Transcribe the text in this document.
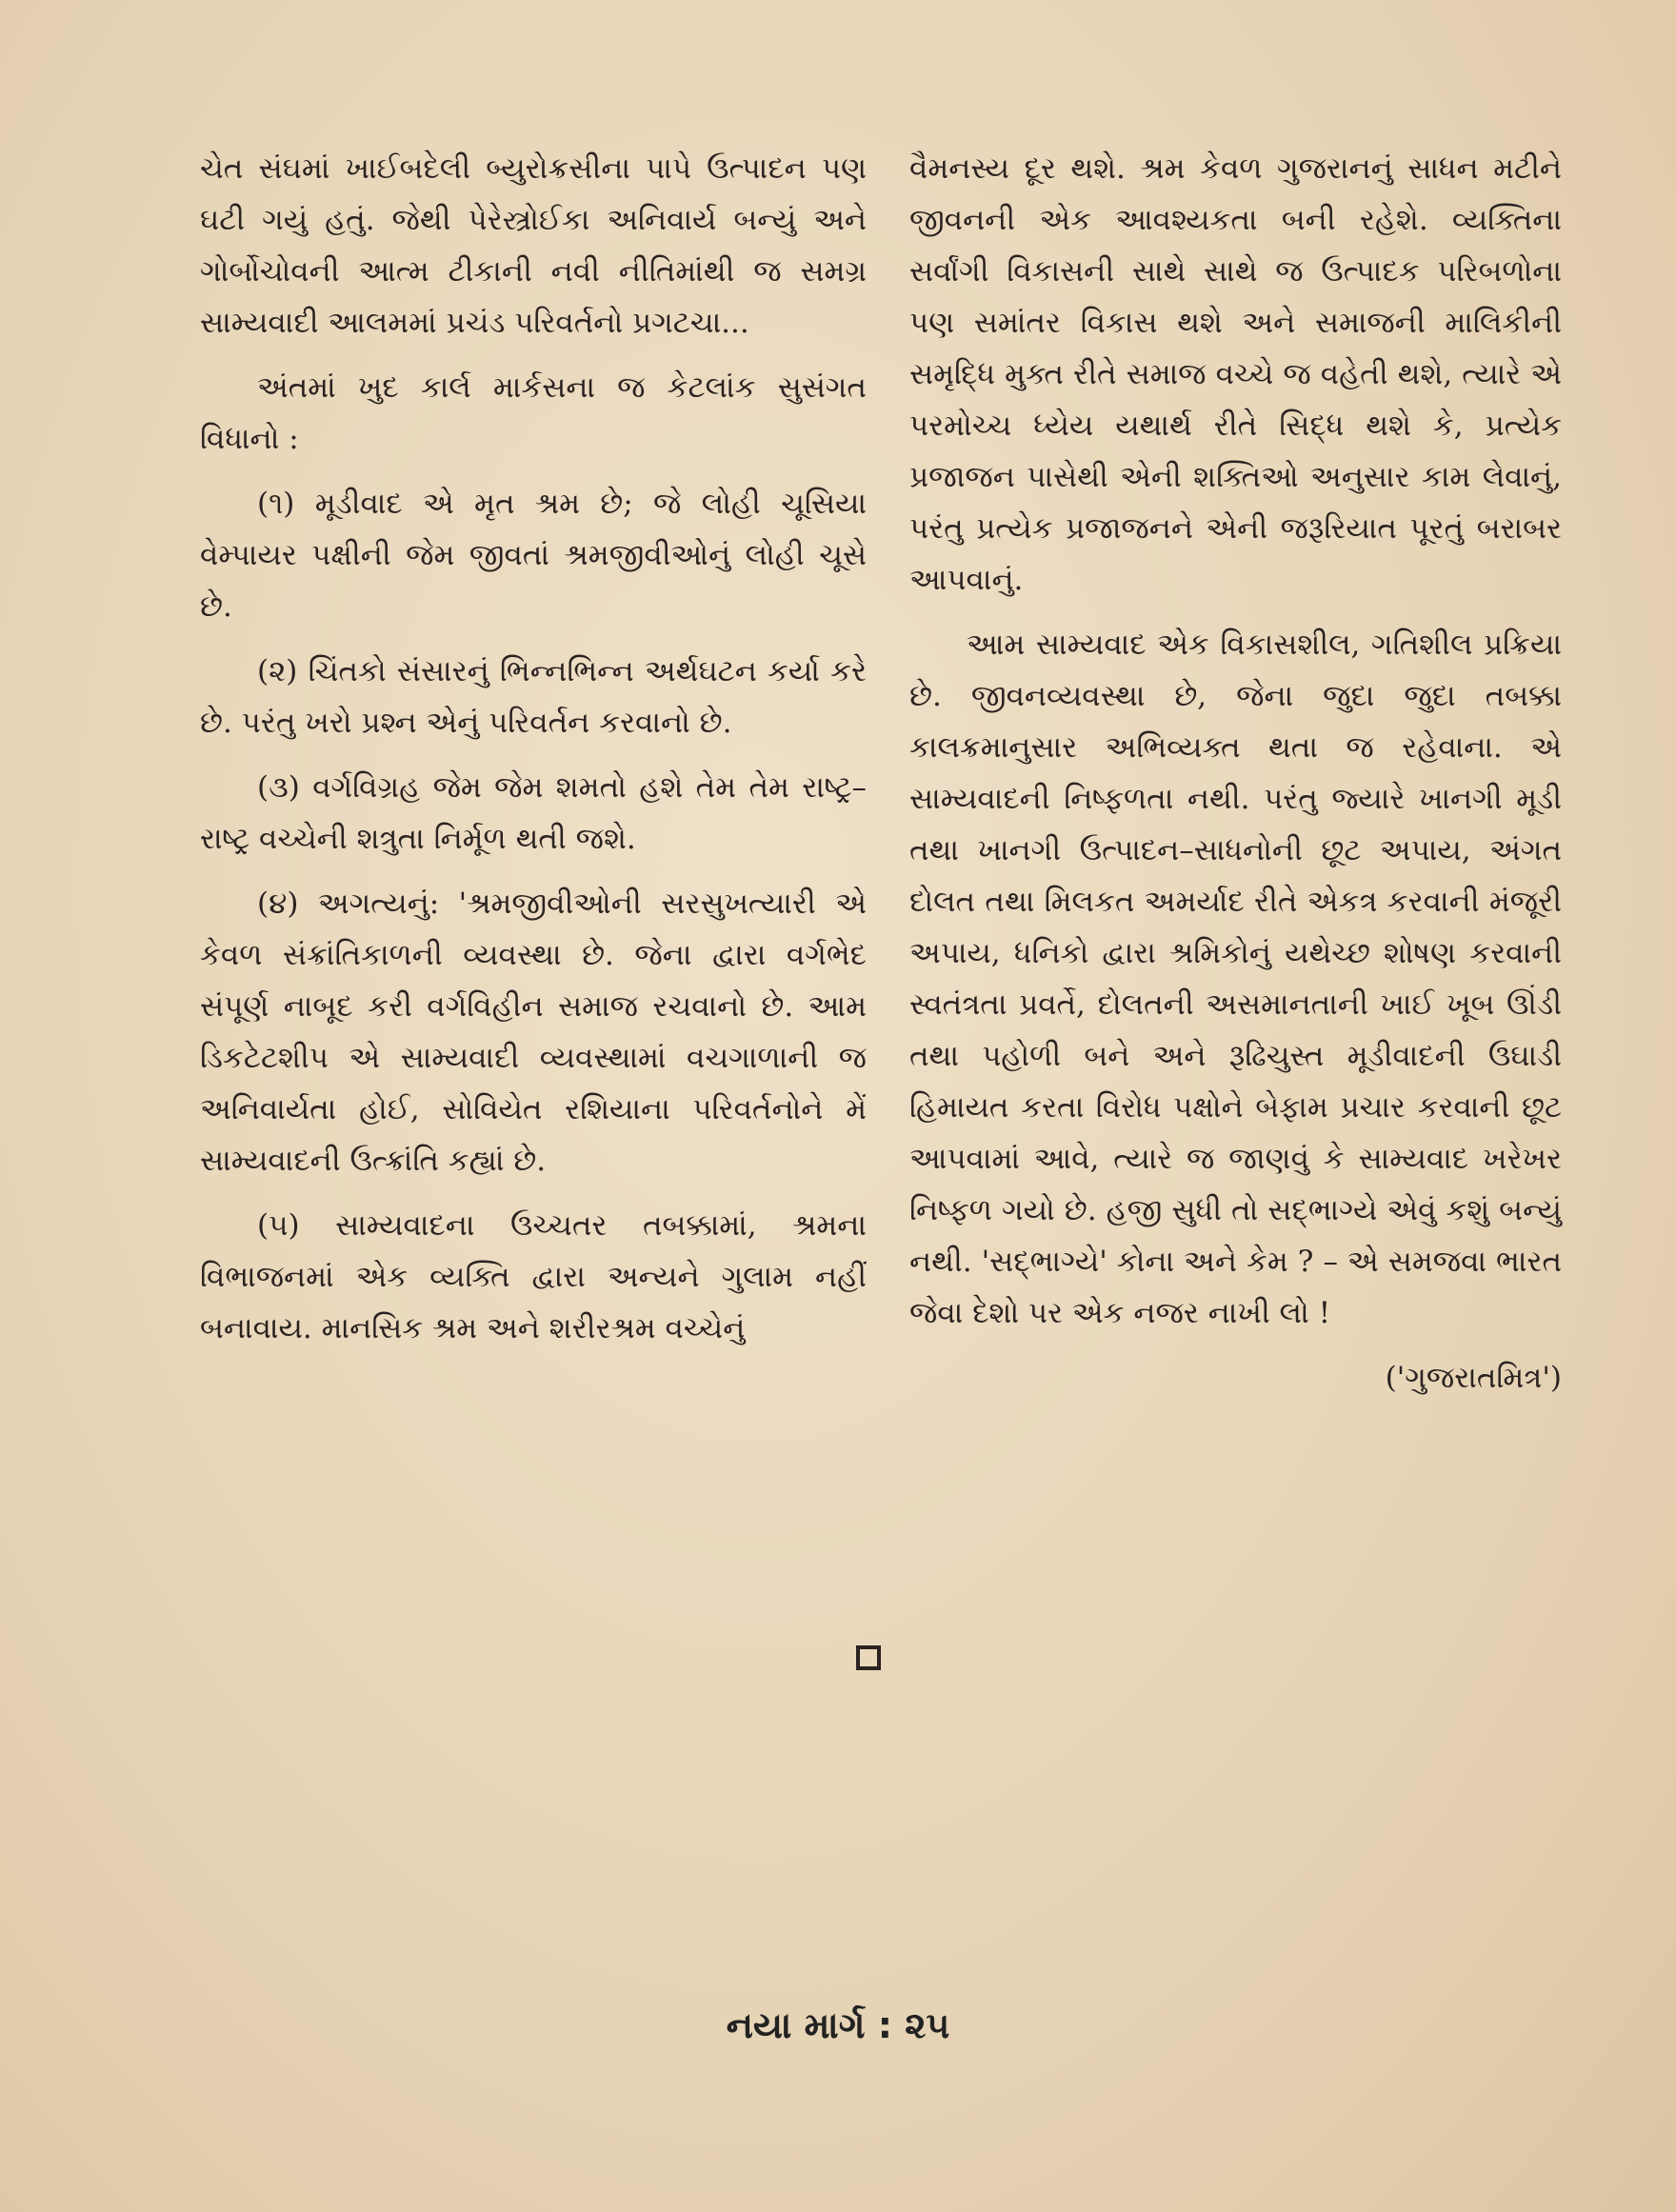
ચેત સંઘમાં ખાઈબદેલી બ્યુરોક્રસીના પાપે ઉત્પાદન પણ ઘટી ગયું હતું. જેથી પેરેસ્ત્રોઈકા અનિવાર્ય બન્યું અને ગોર્બોચોવની આત્મ ટીકાની નવી નીતિમાંથી જ સમગ્ર સામ્યવાદી આલમમાં પ્રચંડ પરિવર્તનો પ્રગટચા...

અંતમાં ખુદ કાર્લ માર્કસના જ કેટલાંક સુસંગત વિધાનો :

(૧) મૂડીવાદ એ મૃત શ્રમ છે; જે લોહી ચૂસિયા વેમ્પાયર પક્ષીની જેમ જીવતાં શ્રમજીવીઓનું લોહી ચૂસે છે.

(૨) ચિંતકો સંસારનું ભિન્નભિન્ન અર્થઘટન કર્યા કરે છે. પરંતુ ખરો પ્રશ્ન એનું પરિવર્તન કરવાનો છે.

(૩) વર્ગવિગ્રહ જેમ જેમ શમતો હશે તેમ તેમ રાષ્ટ્ર–રાષ્ટ્ર વચ્ચેની શત્રુતા નિર્મૂળ થતી જશે.

(૪) અગત્યનું: 'શ્રમજીવીઓની સરસુખત્યારી એ કેવળ સંક્રાંતિકાળની વ્યવસ્થા છે. જેના દ્વારા વર્ગભેદ સંપૂર્ણ નાબૂદ કરી વર્ગવિહીન સમાજ રચવાનો છે. આમ ડિકટેટશીપ એ સામ્યવાદી વ્યવસ્થામાં વચગાળાની જ અનિવાર્યતા હોઈ, સોવિયેત રશિયાના પરિવર્તનોને મેં સામ્યવાદની ઉત્ક્રાંતિ કહ્યાં છે.

(૫) સામ્યવાદના ઉચ્ચતર તબક્કામાં, શ્રમના વિભાજનમાં એક વ્યક્તિ દ્વારા અન્યને ગુલામ નહીં બનાવાય. માનસિક શ્રમ અને શરીરશ્રમ વચ્ચેનું

વૈમનસ્ય દૂર થશે. શ્રમ કેવળ ગુજરાનનું સાધન મટીને જીવનની એક આવશ્યકતા બની રહેશે. વ્યક્તિના સર્વાંગી વિકાસની સાથે સાથે જ ઉત્પાદક પરિબળોના પણ સમાંતર વિકાસ થશે અને સમાજની માલિકીની સમૃદ્ધિ મુક્ત રીતે સમાજ વચ્ચે જ વહેતી થશે, ત્યારે એ પરમોચ્ચ ધ્યેય યથાર્થ રીતે સિદ્ધ થશે કે, પ્રત્યેક પ્રજાજન પાસેથી એની શક્તિઓ અનુસાર કામ લેવાનું, પરંતુ પ્રત્યેક પ્રજાજનને એની જરૂરિયાત પૂરતું બરાબર આપવાનું.

આમ સામ્યવાદ એક વિકાસશીલ, ગતિશીલ પ્રક્રિયા છે. જીવનવ્યવસ્થા છે, જેના જુદા જુદા તબક્કા કાલક્રમાનુસાર અભિવ્યક્ત થતા જ રહેવાના. એ સામ્યવાદની નિષ્ફળતા નથી. પરંતુ જ્યારે ખાનગી મૂડી તથા ખાનગી ઉત્પાદન–સાધનોની છૂટ અપાય, અંગત દોલત તથા મિલકત અમર્યાદ રીતે એકત્ર કરવાની મંજૂરી અપાય, ધનિકો દ્વારા શ્રમિકોનું યથેચ્છ શોષણ કરવાની સ્વતંત્રતા પ્રવર્તે, દોલતની અસમાનતાની ખાઈ ખૂબ ઊંડી તથા પહોળી બને અને રૂઢિચુસ્ત મૂડીવાદની ઉઘાડી હિમાયત કરતા વિરોધ પક્ષોને બેફામ પ્રચાર કરવાની છૂટ આપવામાં આવે, ત્યારે જ જાણવું કે સામ્યવાદ ખરેખર નિષ્ફળ ગયો છે. હજી સુધી તો સદ્ભાગ્યે એવું કશું બન્યું નથી. 'સદ્ભાગ્યે' કોના અને કેમ ? – એ સમજવા ભારત જેવા દેશો પર એક નજર નાખી લો !

('ગુજરાતમિત્ર')

નયા માર્ગ : ૨૫
